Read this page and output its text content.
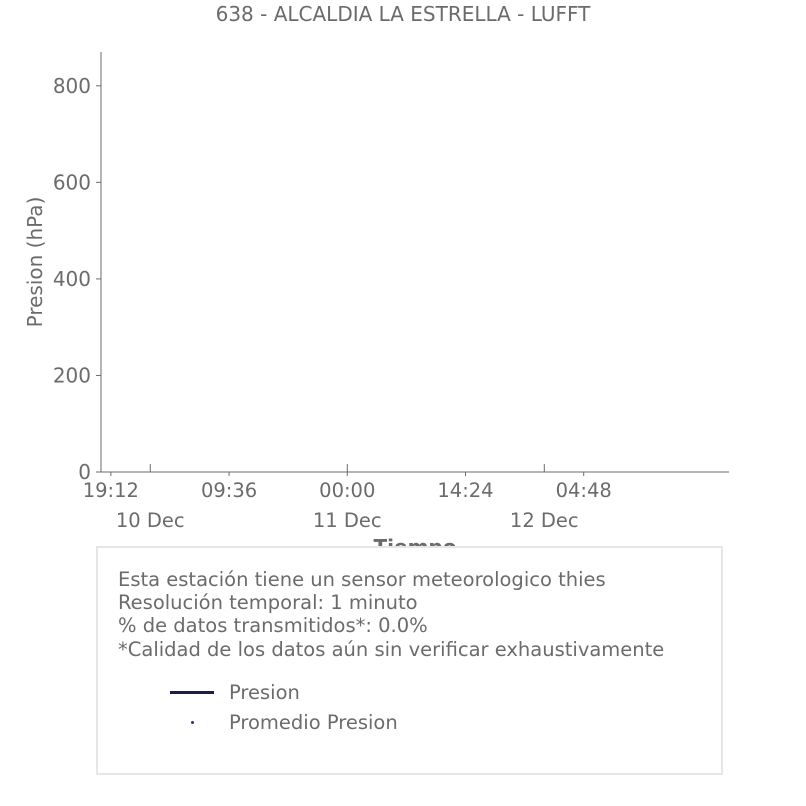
638 - ALCALDIA LA ESTRELLA - LUFFT
0
200
400
600
800
19:12	09:36	00:00	14:24	04:48
10 Dec	11 Dec	12 Dec
Presion (hPa)
Esta estación tiene un sensor meteorologico thies
Resolución temporal: 1 minuto
% de datos transmitidos*: 0.0%
*Calidad de los datos aún sin verificar exhaustivamente
Presion
Promedio Presion
